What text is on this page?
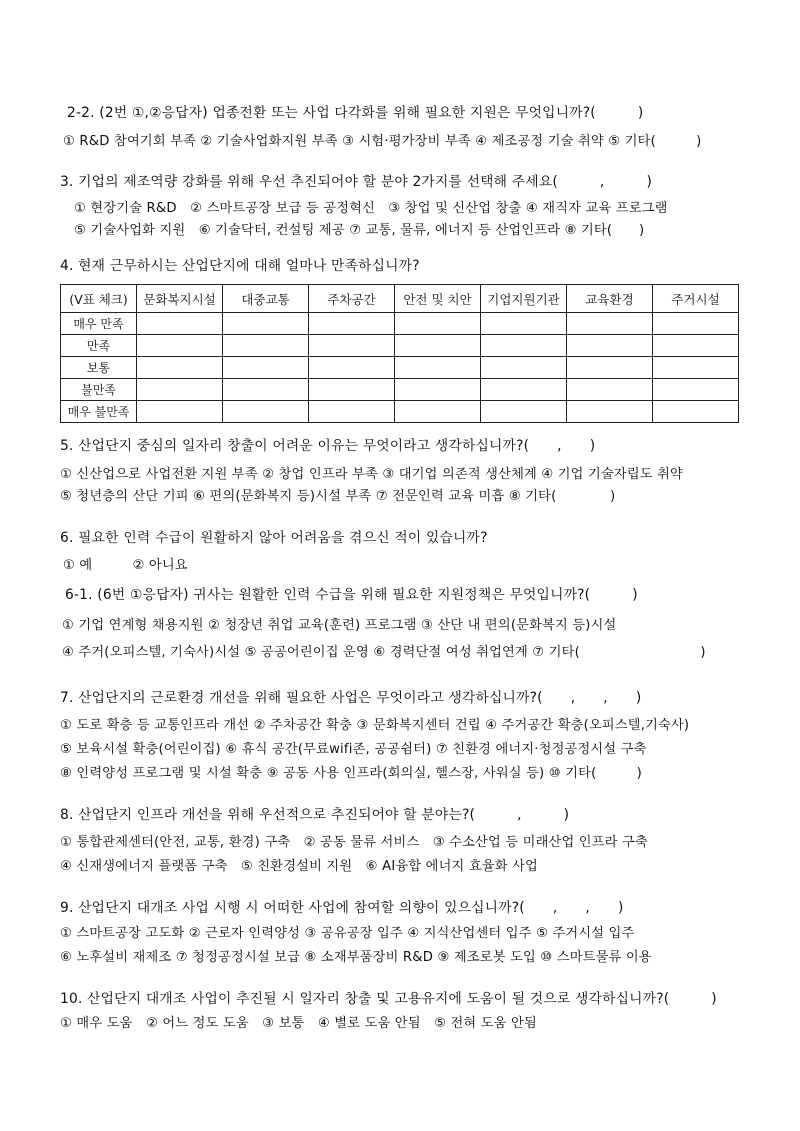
2-2. (2번 ①,②응답자) 업종전환 또는 사업 다각화를 위해 필요한 지원은 무엇입니까?(　　　)
① R&D 참여기회 부족 ② 기술사업화지원 부족 ③ 시험·평가장비 부족 ④ 제조공정 기술 취약 ⑤ 기타(　　　)
3. 기업의 제조역량 강화를 위해 우선 추진되어야 할 분야 2가지를 선택해 주세요(　　　,　　　)
① 현장기술 R&D　② 스마트공장 보급 등 공정혁신　③ 창업 및 신산업 창출 ④ 재직자 교육 프로그램
⑤ 기술사업화 지원　⑥ 기술닥터, 컨설팅 제공 ⑦ 교통, 물류, 에너지 등 산업인프라 ⑧ 기타(　　)
4. 현재 근무하시는 산업단지에 대해 얼마나 만족하십니까?
(V표 체크)	문화복지시설	대중교통	주차공간	안전 및 치안	기업지원기관	교육환경	주거시설
매우 만족							
만족							
보통							
불만족							
매우 불만족							
5. 산업단지 중심의 일자리 창출이 어려운 이유는 무엇이라고 생각하십니까?(　　,　　)
① 신산업으로 사업전환 지원 부족 ② 창업 인프라 부족 ③ 대기업 의존적 생산체계 ④ 기업 기술자립도 취약
⑤ 청년층의 산단 기피 ⑥ 편의(문화복지 등)시설 부족 ⑦ 전문인력 교육 미흡 ⑧ 기타(　　　　)
6. 필요한 인력 수급이 원활하지 않아 어려움을 겪으신 적이 있습니까?
① 예　　　② 아니요
6-1. (6번 ①응답자) 귀사는 원활한 인력 수급을 위해 필요한 지원정책은 무엇입니까?(　　　)
① 기업 연계형 채용지원 ② 청장년 취업 교육(훈련) 프로그램 ③ 산단 내 편의(문화복지 등)시설
④ 주거(오피스텔, 기숙사)시설 ⑤ 공공어린이집 운영 ⑥ 경력단절 여성 취업연계 ⑦ 기타(　　　　　　　　　)
7. 산업단지의 근로환경 개선을 위해 필요한 사업은 무엇이라고 생각하십니까?(　　,　　,　　)
① 도로 확충 등 교통인프라 개선 ② 주차공간 확충 ③ 문화복지센터 건립 ④ 주거공간 확충(오피스텔,기숙사)
⑤ 보육시설 확충(어린이집) ⑥ 휴식 공간(무료wifi존, 공공쉼터) ⑦ 친환경 에너지·청정공정시설 구축
⑧ 인력양성 프로그램 및 시설 확충 ⑨ 공동 사용 인프라(회의실, 헬스장, 사워실 등) ⑩ 기타(　　　)
8. 산업단지 인프라 개선을 위해 우선적으로 추진되어야 할 분야는?(　　　,　　　)
① 통합관제센터(안전, 교통, 환경) 구축　② 공동 물류 서비스　③ 수소산업 등 미래산업 인프라 구축
④ 신재생에너지 플랫폼 구축　⑤ 친환경설비 지원　⑥ AI융합 에너지 효율화 사업
9. 산업단지 대개조 사업 시행 시 어떠한 사업에 참여할 의향이 있으십니까?(　　,　　,　　)
① 스마트공장 고도화 ② 근로자 인력양성 ③ 공유공장 입주 ④ 지식산업센터 입주 ⑤ 주거시설 입주
⑥ 노후설비 재제조 ⑦ 청정공정시설 보급 ⑧ 소재부품장비 R&D ⑨ 제조로봇 도입 ⑩ 스마트물류 이용
10. 산업단지 대개조 사업이 추진될 시 일자리 창출 및 고용유지에 도움이 될 것으로 생각하십니까?(　　　)
① 매우 도움　② 어느 정도 도움　③ 보통　④ 별로 도움 안됨　⑤ 전혀 도움 안됨
